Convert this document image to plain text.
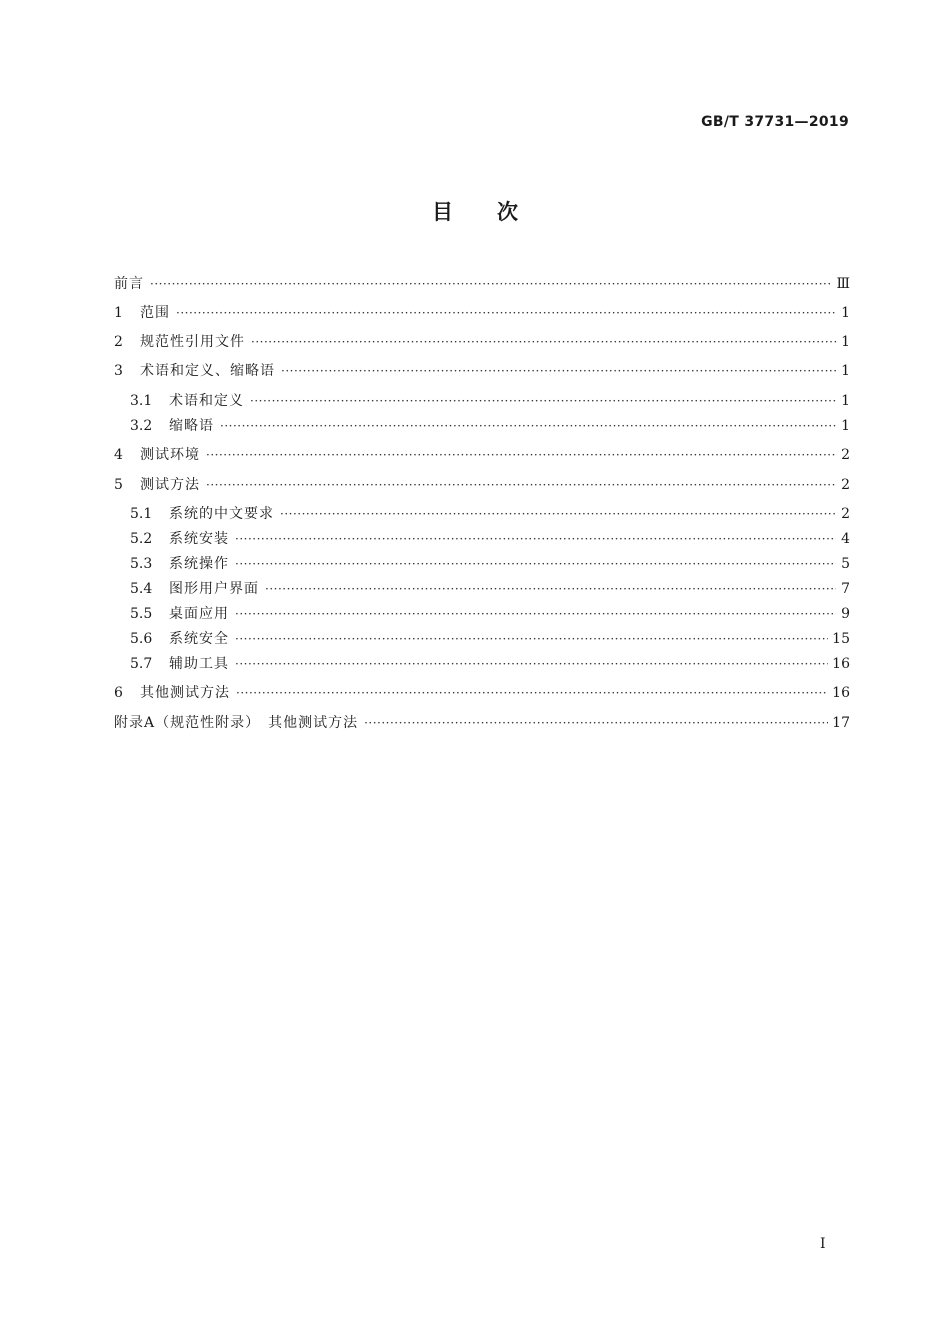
GB/T 37731—2019
目次
前言 ·····	Ⅲ
1	范围 ·····	1
2	规范性引用文件 ·····	1
3	术语和定义、缩略语 ·····	1
3.1	术语和定义 ·····	1
3.2	缩略语 ·····	1
4	测试环境 ·····	2
5	测试方法 ·····	2
5.1	系统的中文要求 ·····	2
5.2	系统安装 ·····	4
5.3	系统操作 ·····	5
5.4	图形用户界面 ·····	7
5.5	桌面应用 ·····	9
5.6	系统安全 ·····	15
5.7	辅助工具 ·····	16
6	其他测试方法 ·····	16
附录A（规范性附录）　其他测试方法 ·····	17
I
